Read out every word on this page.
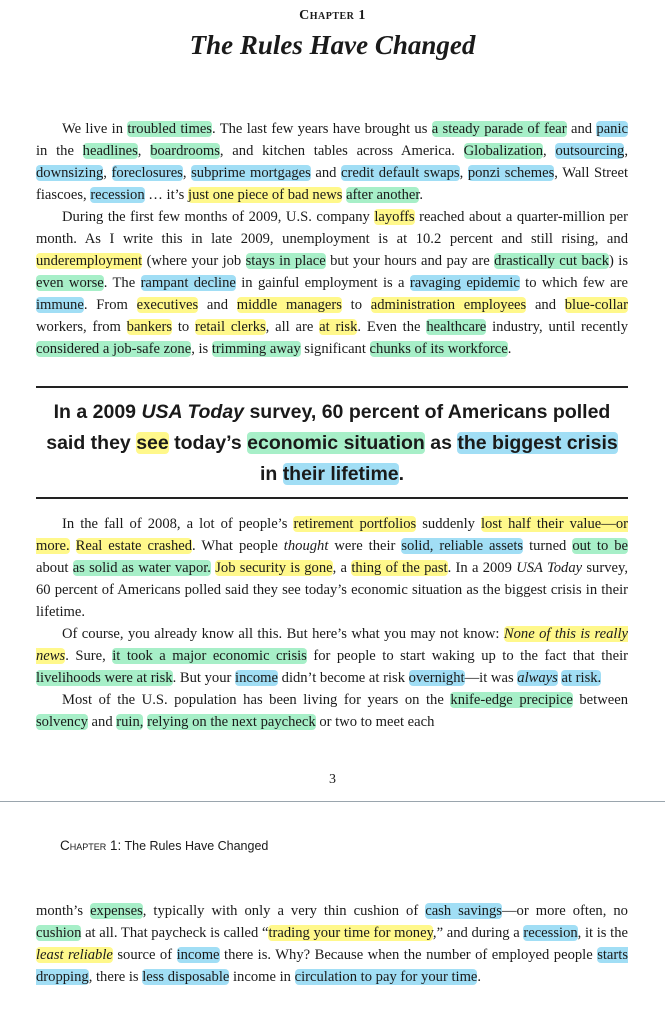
Chapter 1
The Rules Have Changed

We live in troubled times. The last few years have brought us a steady parade of fear and panic in the headlines, boardrooms, and kitchen tables across America. Globalization, outsourcing, downsizing, foreclosures, subprime mortgages and credit default swaps, ponzi schemes, Wall Street fiascoes, recession … it’s just one piece of bad news after another.

During the first few months of 2009, U.S. company layoffs reached about a quarter-million per month. As I write this in late 2009, unemployment is at 10.2 percent and still rising, and underemployment (where your job stays in place but your hours and pay are drastically cut back) is even worse. The rampant decline in gainful employment is a ravaging epidemic to which few are immune. From executives and middle managers to administration employees and blue-collar workers, from bankers to retail clerks, all are at risk. Even the healthcare industry, until recently considered a job-safe zone, is trimming away significant chunks of its workforce.

In a 2009 USA Today survey, 60 percent of Americans polled said they see today’s economic situation as the biggest crisis in their lifetime.

In the fall of 2008, a lot of people’s retirement portfolios suddenly lost half their value—or more. Real estate crashed. What people thought were their solid, reliable assets turned out to be about as solid as water vapor. Job security is gone, a thing of the past. In a 2009 USA Today survey, 60 percent of Americans polled said they see today’s economic situation as the biggest crisis in their lifetime.

Of course, you already know all this. But here’s what you may not know: None of this is really news. Sure, it took a major economic crisis for people to start waking up to the fact that their livelihoods were at risk. But your income didn’t become at risk overnight—it was always at risk.

Most of the U.S. population has been living for years on the knife-edge precipice between solvency and ruin, relying on the next paycheck or two to meet each

3
Chapter 1: The Rules Have Changed

month’s expenses, typically with only a very thin cushion of cash savings—or more often, no cushion at all. That paycheck is called “trading your time for money,” and during a recession, it is the least reliable source of income there is. Why? Because when the number of employed people starts dropping, there is less disposable income in circulation to pay for your time.
